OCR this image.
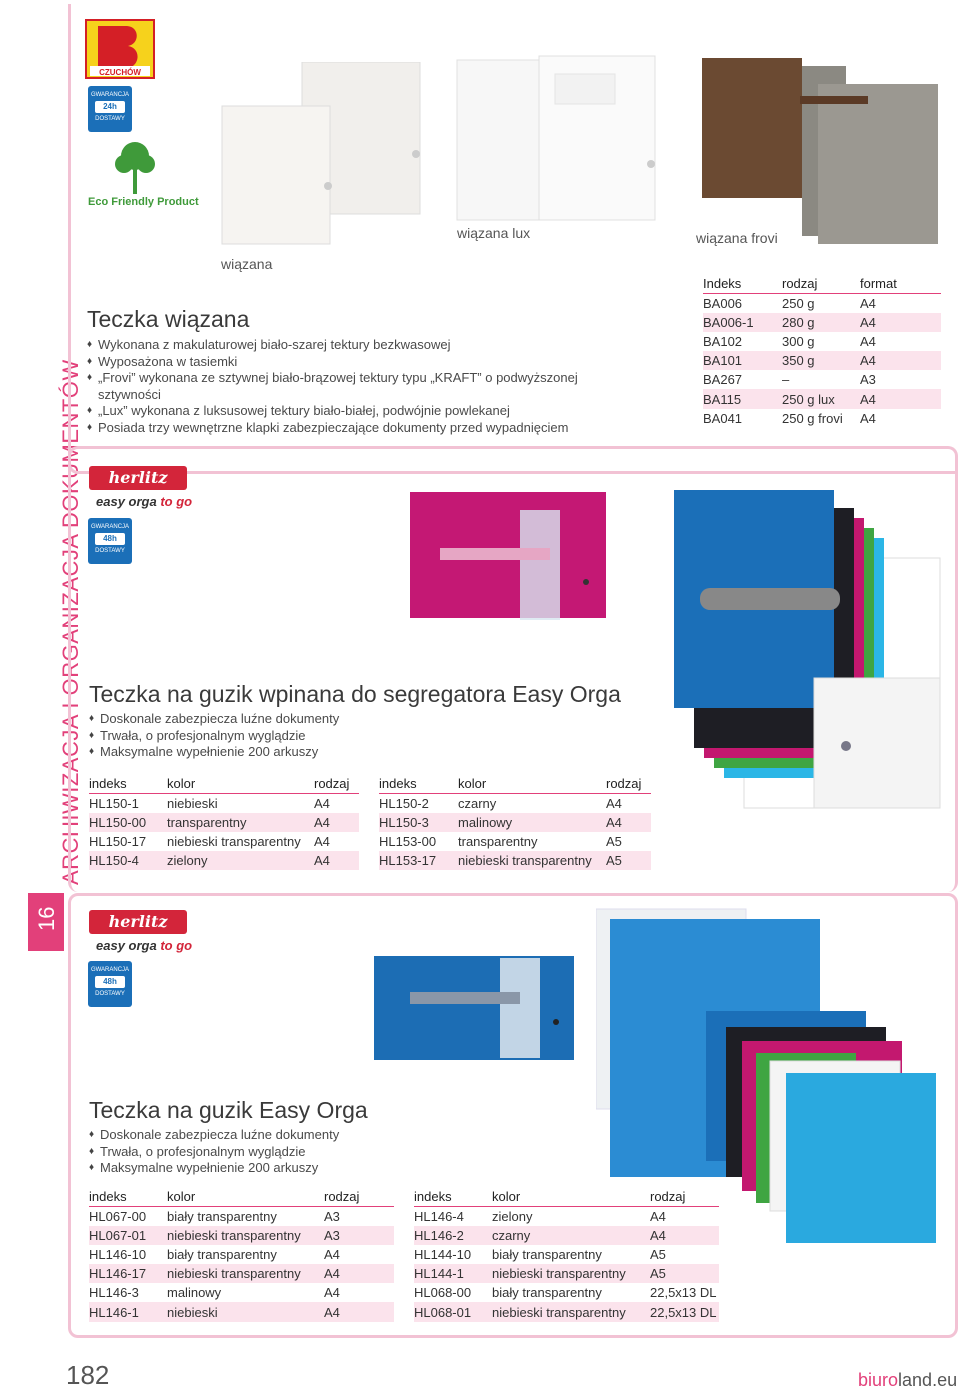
ARCHIWIZACJA I ORGANIZACJA DOKUMENTÓW
16
CZUCHÓW
GWARANCJA
24h
DOSTAWY
Eco Friendly Product
wiązana
wiązana lux	wiązana frovi
Teczka wiązana
♦ Wykonana z makulaturowej biało-szarej tektury bezkwasowej
♦ Wyposażona w tasiemki
♦ „Frovi” wykonana ze sztywnej biało-brązowej tektury typu „KRAFT” o podwyższonej sztywności
♦ „Lux” wykonana z luksusowej tektury biało-białej, podwójnie powlekanej
♦ Posiada trzy wewnętrzne klapki zabezpieczające dokumenty przed wypadnięciem
Indeks	rodzaj	format
BA006	250 g	A4
BA006-1	280 g	A4
BA102	300 g	A4
BA101	350 g	A4
BA267	–	A3
BA115	250 g lux	A4
BA041	250 g frovi	A4
herlitz
easy orga to go
GWARANCJA
48h
DOSTAWY
Teczka na guzik wpinana do segregatora Easy Orga
♦ Doskonale zabezpiecza luźne dokumenty
♦ Trwała, o profesjonalnym wyglądzie
♦ Maksymalne wypełnienie 200 arkuszy
indeks	kolor	rodzaj
HL150-1	niebieski	A4
HL150-00	transparentny	A4
HL150-17	niebieski transparentny	A4
HL150-4	zielony	A4
indeks	kolor	rodzaj
HL150-2	czarny	A4
HL150-3	malinowy	A4
HL153-00	transparentny	A5
HL153-17	niebieski transparentny	A5
herlitz
easy orga to go
GWARANCJA
48h
DOSTAWY
Teczka na guzik Easy Orga
♦ Doskonale zabezpiecza luźne dokumenty
♦ Trwała, o profesjonalnym wyglądzie
♦ Maksymalne wypełnienie 200 arkuszy
indeks	kolor	rodzaj
HL067-00	biały transparentny	A3
HL067-01	niebieski transparentny	A3
HL146-10	biały transparentny	A4
HL146-17	niebieski transparentny	A4
HL146-3	malinowy	A4
HL146-1	niebieski	A4
indeks	kolor	rodzaj
HL146-4	zielony	A4
HL146-2	czarny	A4
HL144-10	biały transparentny	A5
HL144-1	niebieski transparentny	A5
HL068-00	biały transparentny	22,5x13 DL
HL068-01	niebieski transparentny	22,5x13 DL
182	biuroland.eu
